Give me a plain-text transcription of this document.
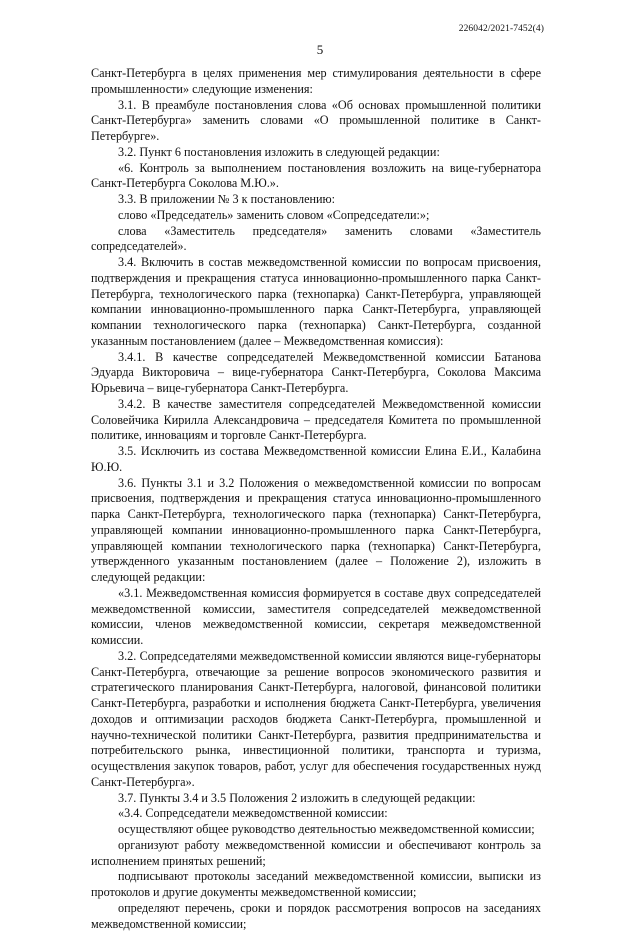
226042/2021-7452(4)
5

Санкт-Петербурга в целях применения мер стимулирования деятельности в сфере промышленности» следующие изменения:

3.1. В преамбуле постановления слова «Об основах промышленной политики Санкт-Петербурга» заменить словами «О промышленной политике в Санкт-Петербурге».

3.2. Пункт 6 постановления изложить в следующей редакции:

«6. Контроль за выполнением постановления возложить на вице-губернатора Санкт-Петербурга Соколова М.Ю.».

3.3. В приложении № 3 к постановлению:

слово «Председатель» заменить словом «Сопредседатели:»;

слова «Заместитель председателя» заменить словами «Заместитель сопредседателей».

3.4. Включить в состав межведомственной комиссии по вопросам присвоения, подтверждения и прекращения статуса инновационно-промышленного парка Санкт-Петербурга, технологического парка (технопарка) Санкт-Петербурга, управляющей компании инновационно-промышленного парка Санкт-Петербурга, управляющей компании технологического парка (технопарка) Санкт-Петербурга, созданной указанным постановлением (далее – Межведомственная комиссия):

3.4.1. В качестве сопредседателей Межведомственной комиссии Батанова Эдуарда Викторовича – вице-губернатора Санкт-Петербурга, Соколова Максима Юрьевича – вице-губернатора Санкт-Петербурга.

3.4.2. В качестве заместителя сопредседателей Межведомственной комиссии Соловейчика Кирилла Александровича – председателя Комитета по промышленной политике, инновациям и торговле Санкт-Петербурга.

3.5. Исключить из состава Межведомственной комиссии Елина Е.И., Калабина Ю.Ю.

3.6. Пункты 3.1 и 3.2 Положения о межведомственной комиссии по вопросам присвоения, подтверждения и прекращения статуса инновационно-промышленного парка Санкт-Петербурга, технологического парка (технопарка) Санкт-Петербурга, управляющей компании инновационно-промышленного парка Санкт-Петербурга, управляющей компании технологического парка (технопарка) Санкт-Петербурга, утвержденного указанным постановлением (далее – Положение 2), изложить в следующей редакции:

«3.1. Межведомственная комиссия формируется в составе двух сопредседателей межведомственной комиссии, заместителя сопредседателей межведомственной комиссии, членов межведомственной комиссии, секретаря межведомственной комиссии.

3.2. Сопредседателями межведомственной комиссии являются вице-губернаторы Санкт-Петербурга, отвечающие за решение вопросов экономического развития и стратегического планирования Санкт-Петербурга, налоговой, финансовой политики Санкт-Петербурга, разработки и исполнения бюджета Санкт-Петербурга, увеличения доходов и оптимизации расходов бюджета Санкт-Петербурга, промышленной и научно-технической политики Санкт-Петербурга, развития предпринимательства и потребительского рынка, инвестиционной политики, транспорта и туризма, осуществления закупок товаров, работ, услуг для обеспечения государственных нужд Санкт-Петербурга».

3.7. Пункты 3.4 и 3.5 Положения 2 изложить в следующей редакции:

«3.4. Сопредседатели межведомственной комиссии:

осуществляют общее руководство деятельностью межведомственной комиссии;

организуют работу межведомственной комиссии и обеспечивают контроль за исполнением принятых решений;

подписывают протоколы заседаний межведомственной комиссии, выписки из протоколов и другие документы межведомственной комиссии;

определяют перечень, сроки и порядок рассмотрения вопросов на заседаниях межведомственной комиссии;
